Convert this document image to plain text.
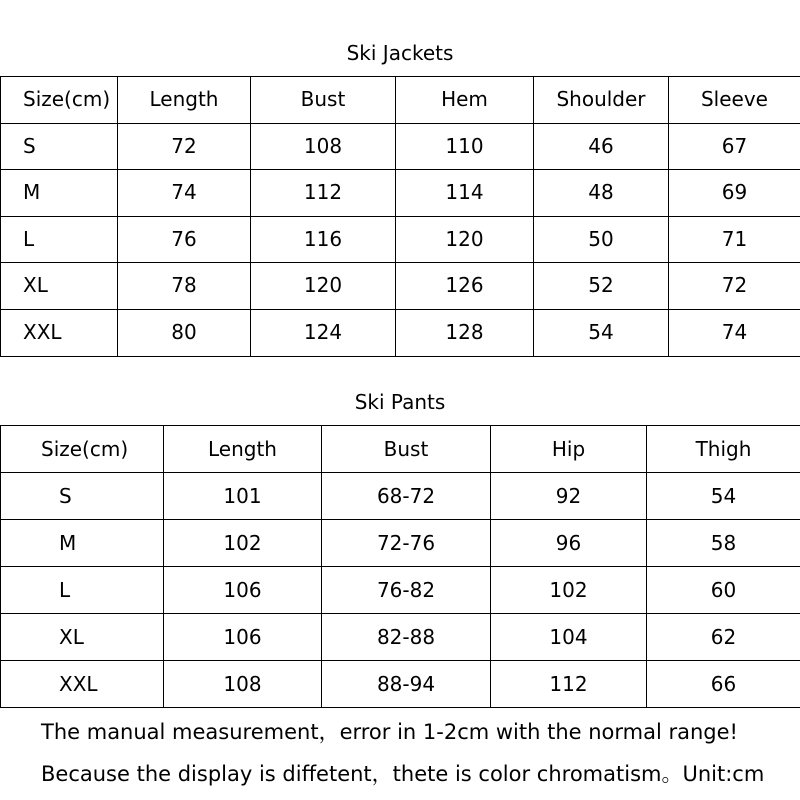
Ski Jackets
Size(cm)	Length	Bust	Hem	Shoulder	Sleeve
S	72	108	110	46	67
M	74	112	114	48	69
L	76	116	120	50	71
XL	78	120	126	52	72
XXL	80	124	128	54	74
Ski Pants
Size(cm)	Length	Bust	Hip	Thigh
S	101	68-72	92	54
M	102	72-76	96	58
L	106	76-82	102	60
XL	106	82-88	104	62
XXL	108	88-94	112	66
The manual measurement，error in 1-2cm with the normal range!
Because the display is diffetent，thete is color chromatism。Unit:cm
